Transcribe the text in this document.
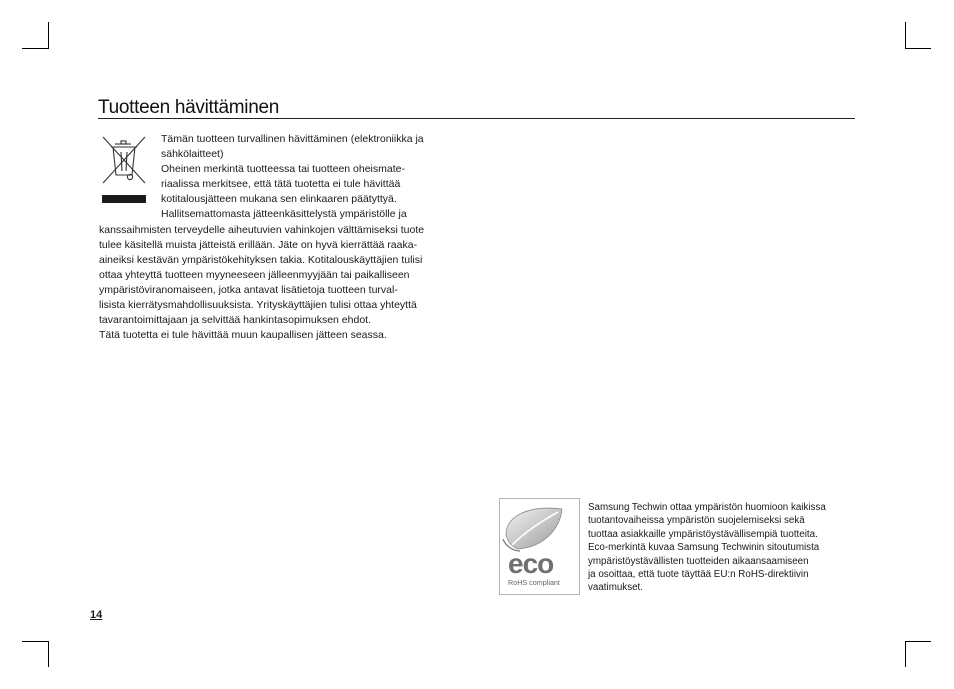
Tuotteen hävittäminen

Tämän tuotteen turvallinen hävittäminen (elektroniikka ja
sähkölaitteet)
Oheinen merkintä tuotteessa tai tuotteen oheismate-
riaalissa merkitsee, että tätä tuotetta ei tule hävittää
kotitalousjätteen mukana sen elinkaaren päätyttyä.
Hallitsemattomasta jätteenkäsittelystä ympäristölle ja

kanssaihmisten terveydelle aiheutuvien vahinkojen välttämiseksi tuote
tulee käsitellä muista jätteistä erillään. Jäte on hyvä kierrättää raaka-
aineiksi kestävän ympäristökehityksen takia. Kotitalouskäyttäjien tulisi
ottaa yhteyttä tuotteen myyneeseen jälleenmyyjään tai paikalliseen
ympäristöviranomaiseen, jotka antavat lisätietoja tuotteen turval-
lisista kierrätysmahdollisuuksista. Yrityskäyttäjien tulisi ottaa yhteyttä
tavarantoimittajaan ja selvittää hankintasopimuksen ehdot.
Tätä tuotetta ei tule hävittää muun kaupallisen jätteen seassa.

eco
RoHS compliant

Samsung Techwin ottaa ympäristön huomioon kaikissa
tuotantovaiheissa ympäristön suojelemiseksi sekä
tuottaa asiakkaille ympäristöystävällisempiä tuotteita.
Eco-merkintä kuvaa Samsung Techwinin sitoutumista
ympäristöystävällisten tuotteiden aikaansaamiseen
ja osoittaa, että tuote täyttää EU:n RoHS-direktiivin
vaatimukset.

14
